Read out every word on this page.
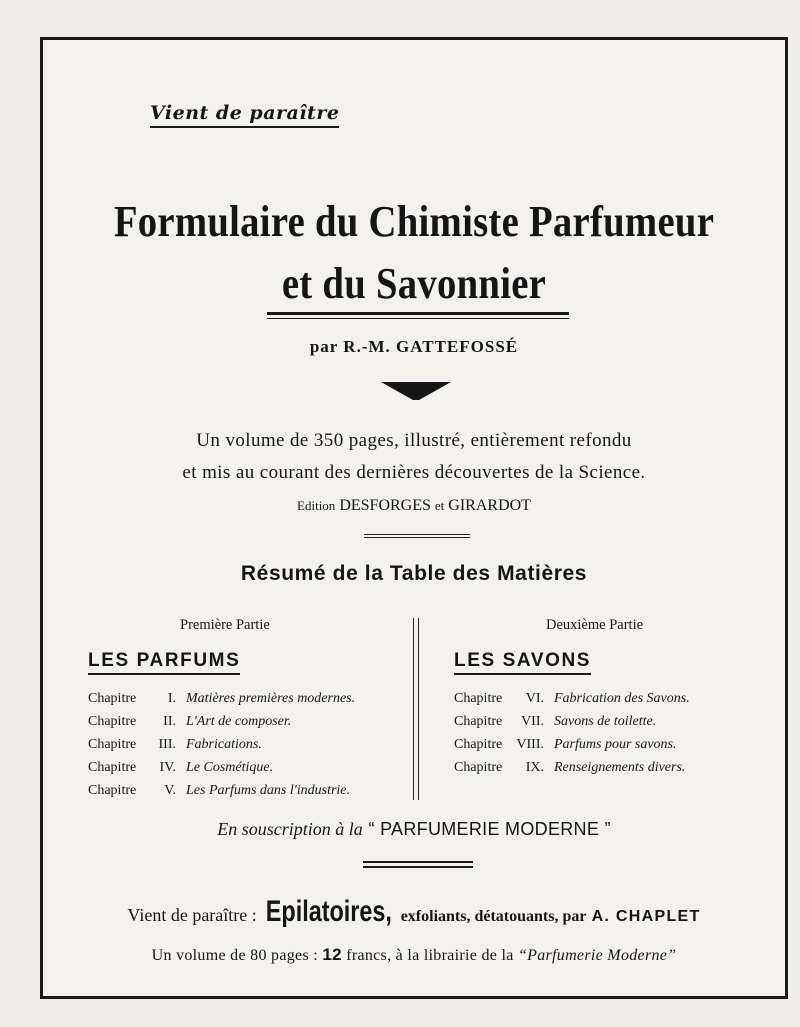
Vient de paraître
Formulaire du Chimiste Parfumeur
et du Savonnier
par R.-M. GATTEFOSSÉ
Un volume de 350 pages, illustré, entièrement refondu
et mis au courant des dernières découvertes de la Science.
Edition DESFORGES et GIRARDOT
Résumé de la Table des Matières
Première Partie	Deuxième Partie
LES PARFUMS	LES SAVONS
Chapitre I. Matières premières modernes.
Chapitre II. L'Art de composer.
Chapitre III. Fabrications.
Chapitre IV. Le Cosmétique.
Chapitre V. Les Parfums dans l'industrie.
Chapitre VI. Fabrication des Savons.
Chapitre VII. Savons de toilette.
Chapitre VIII. Parfums pour savons.
Chapitre IX. Renseignements divers.
En souscription à la “ PARFUMERIE MODERNE ”
Vient de paraître : Epilatoires, exfoliants, détatouants, par A. CHAPLET
Un volume de 80 pages : 12 francs, à la librairie de la “Parfumerie Moderne”
